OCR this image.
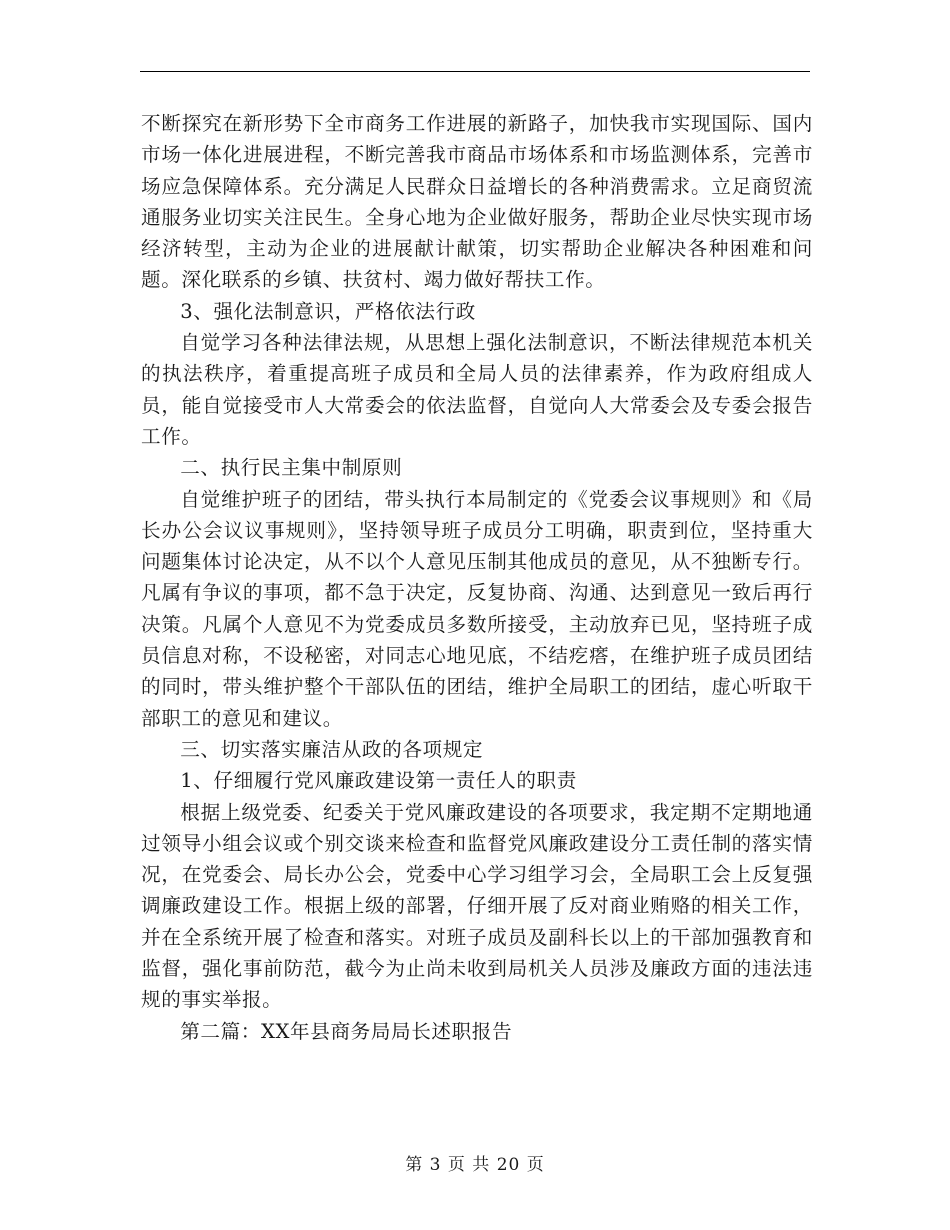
不断探究在新形势下全市商务工作进展的新路子，加快我市实现国际、国内市场一体化进展进程，不断完善我市商品市场体系和市场监测体系，完善市场应急保障体系。充分满足人民群众日益增长的各种消费需求。立足商贸流通服务业切实关注民生。全身心地为企业做好服务，帮助企业尽快实现市场经济转型，主动为企业的进展献计献策，切实帮助企业解决各种困难和问题。深化联系的乡镇、扶贫村、竭力做好帮扶工作。

3、强化法制意识，严格依法行政

自觉学习各种法律法规，从思想上强化法制意识，不断法律规范本机关的执法秩序，着重提高班子成员和全局人员的法律素养，作为政府组成人员，能自觉接受市人大常委会的依法监督，自觉向人大常委会及专委会报告工作。

二、执行民主集中制原则

自觉维护班子的团结，带头执行本局制定的《党委会议事规则》和《局长办公会议议事规则》，坚持领导班子成员分工明确，职责到位，坚持重大问题集体讨论决定，从不以个人意见压制其他成员的意见，从不独断专行。凡属有争议的事项，都不急于决定，反复协商、沟通、达到意见一致后再行决策。凡属个人意见不为党委成员多数所接受，主动放弃已见，坚持班子成员信息对称，不设秘密，对同志心地见底，不结疙瘩，在维护班子成员团结的同时，带头维护整个干部队伍的团结，维护全局职工的团结，虚心听取干部职工的意见和建议。

三、切实落实廉洁从政的各项规定

1、仔细履行党风廉政建设第一责任人的职责

根据上级党委、纪委关于党风廉政建设的各项要求，我定期不定期地通过领导小组会议或个别交谈来检查和监督党风廉政建设分工责任制的落实情况，在党委会、局长办公会，党委中心学习组学习会，全局职工会上反复强调廉政建设工作。根据上级的部署，仔细开展了反对商业贿赂的相关工作，并在全系统开展了检查和落实。对班子成员及副科长以上的干部加强教育和监督，强化事前防范，截今为止尚未收到局机关人员涉及廉政方面的违法违规的事实举报。

第二篇：XX年县商务局局长述职报告

第 3 页 共 20 页
